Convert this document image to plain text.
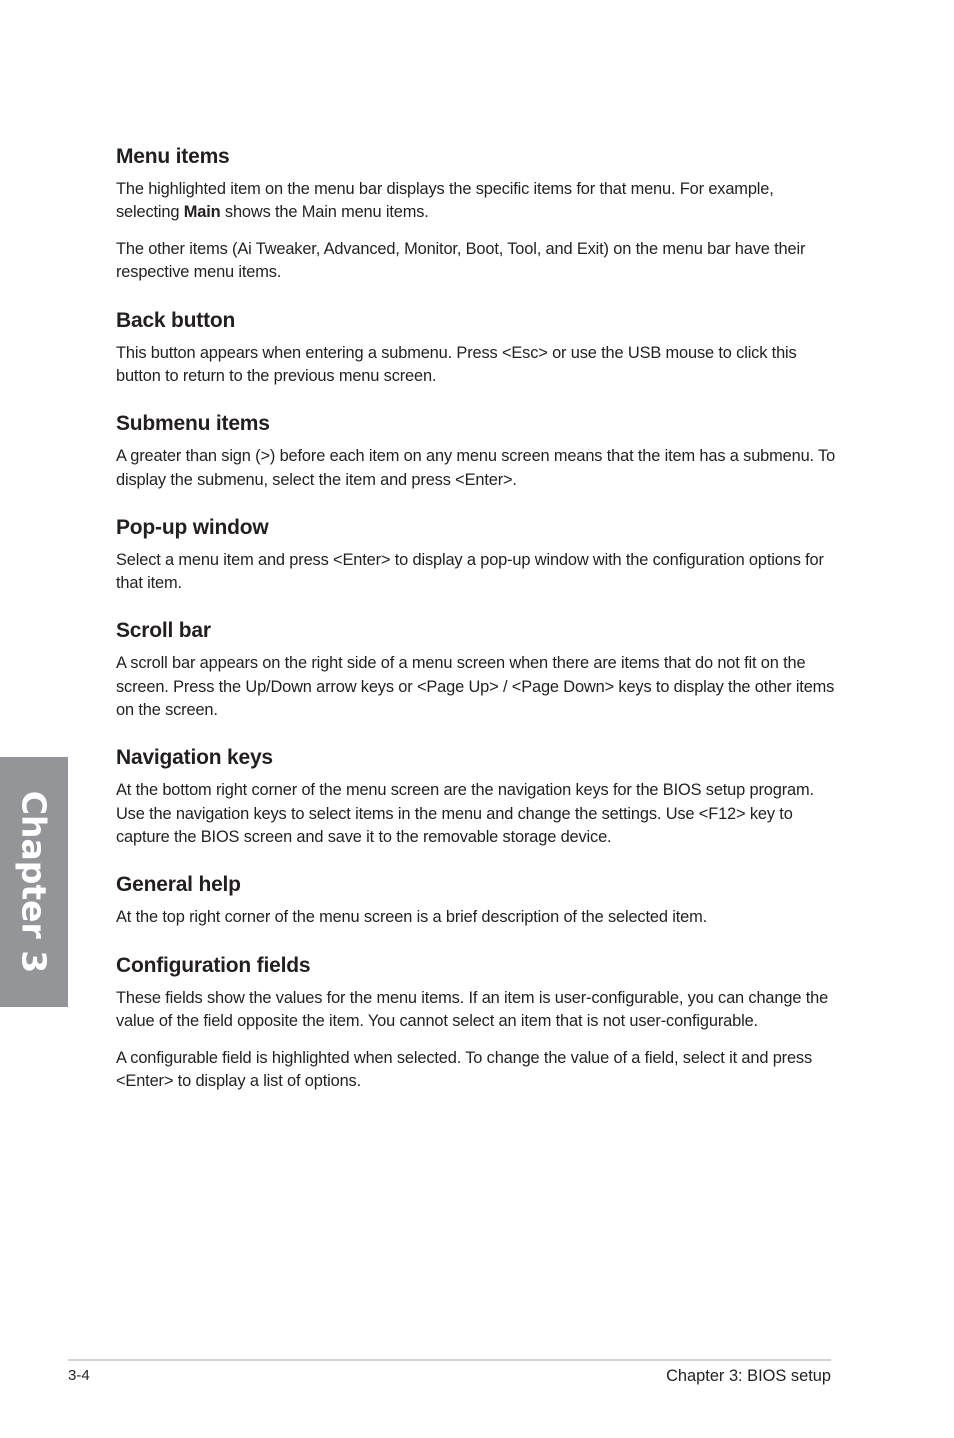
Menu items

The highlighted item on the menu bar displays the specific items for that menu. For example, selecting Main shows the Main menu items.

The other items (Ai Tweaker, Advanced, Monitor, Boot, Tool, and Exit) on the menu bar have their respective menu items.

Back button

This button appears when entering a submenu. Press <Esc> or use the USB mouse to click this button to return to the previous menu screen.

Submenu items

A greater than sign (>) before each item on any menu screen means that the item has a submenu. To display the submenu, select the item and press <Enter>.

Pop-up window

Select a menu item and press <Enter> to display a pop-up window with the configuration options for that item.

Scroll bar

A scroll bar appears on the right side of a menu screen when there are items that do not fit on the screen. Press the Up/Down arrow keys or <Page Up> / <Page Down> keys to display the other items on the screen.

Navigation keys

At the bottom right corner of the menu screen are the navigation keys for the BIOS setup program. Use the navigation keys to select items in the menu and change the settings. Use <F12> key to capture the BIOS screen and save it to the removable storage device.

General help

At the top right corner of the menu screen is a brief description of the selected item.

Configuration fields

These fields show the values for the menu items. If an item is user-configurable, you can change the value of the field opposite the item. You cannot select an item that is not user-configurable.

A configurable field is highlighted when selected. To change the value of a field, select it and press <Enter> to display a list of options.

Chapter 3
3-4	Chapter 3: BIOS setup
